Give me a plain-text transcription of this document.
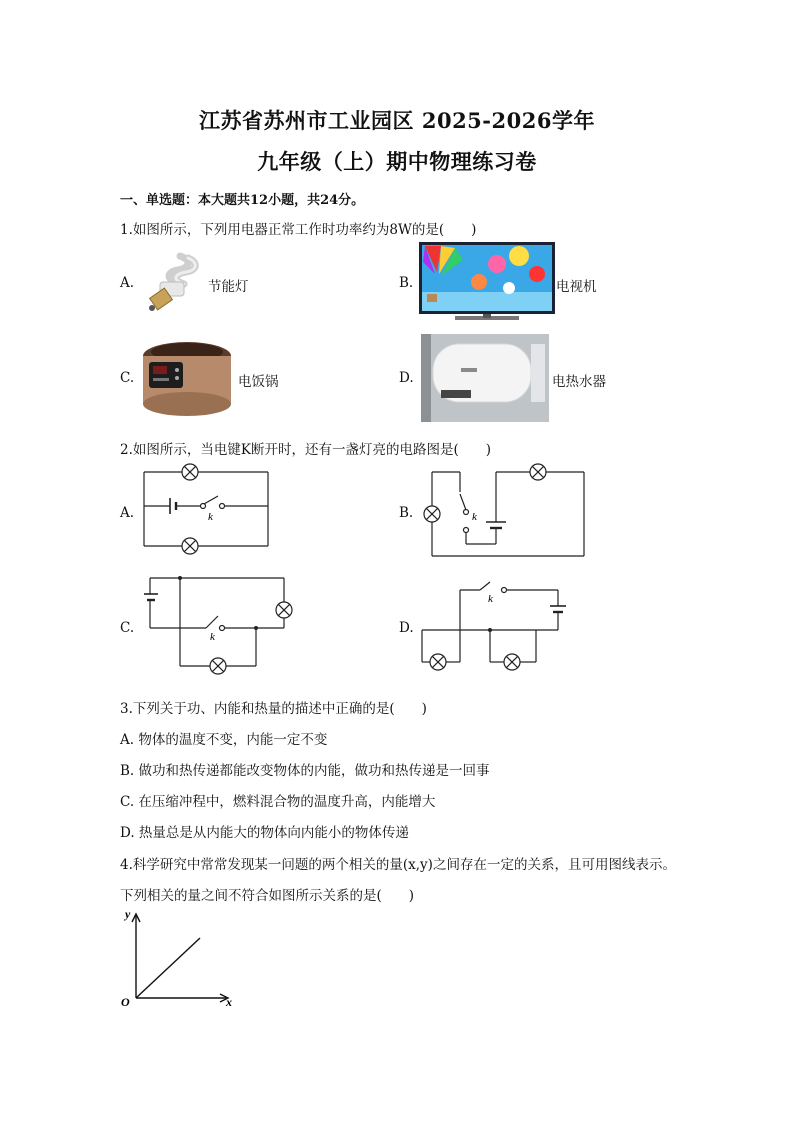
江苏省苏州市工业园区 2025-2026学年
九年级（上）期中物理练习卷
一、单选题：本大题共12小题，共24分。
1.如图所示，下列用电器正常工作时功率约为8W的是(　　)
A.	节能灯	B.	电视机
C.	电饭锅	D.	电热水器
2.如图所示，当电键K断开时，还有一盏灯亮的电路图是(　　)
A.	k	B.	k
C.
k
D.
k
3.下列关于功、内能和热量的描述中正确的是(　　)
A. 物体的温度不变，内能一定不变
B. 做功和热传递都能改变物体的内能，做功和热传递是一回事
C. 在压缩冲程中，燃料混合物的温度升高，内能增大
D. 热量总是从内能大的物体向内能小的物体传递
4.科学研究中常常发现某一问题的两个相关的量(x,y)之间存在一定的关系，且可用图线表示。
下列相关的量之间不符合如图所示关系的是(　　)
y
x
O
